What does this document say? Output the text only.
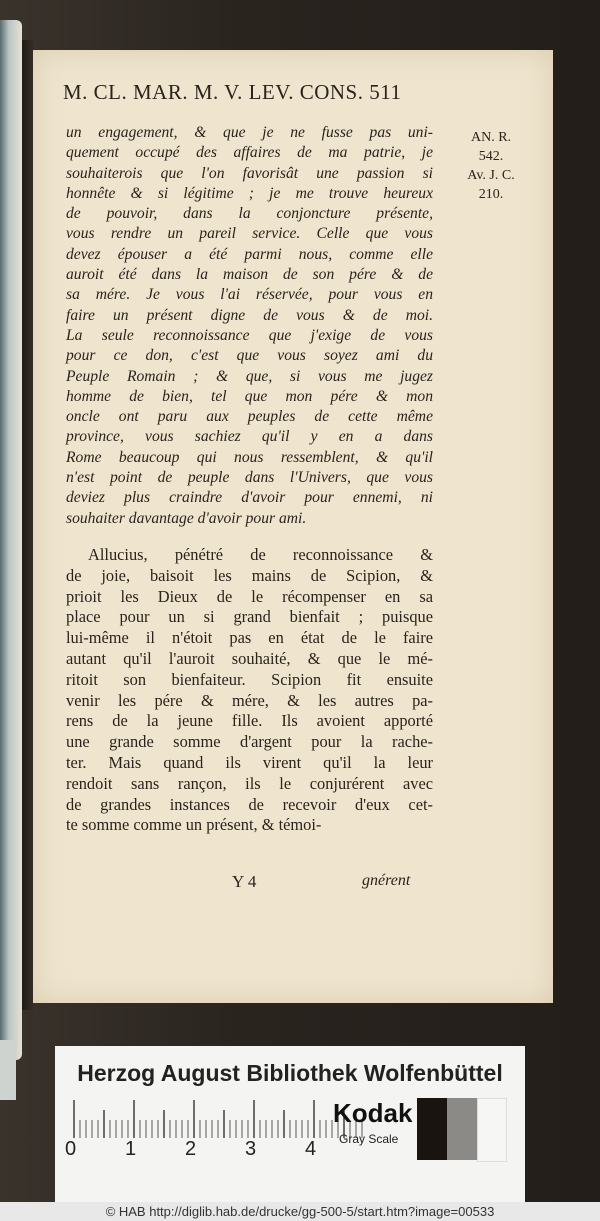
M. CL. MAR. M. V. LEV. CONS. 511
AN. R.
542.
Av. J. C.
210.
un engagement, & que je ne fusse pas uni-
quement occupé des affaires de ma patrie, je
souhaiterois que l'on favorisât une passion si
honnête & si légitime ; je me trouve heureux
de pouvoir, dans la conjoncture présente,
vous rendre un pareil service. Celle que vous
devez épouser a été parmi nous, comme elle
auroit été dans la maison de son pére & de
sa mére. Je vous l'ai réservée, pour vous en
faire un présent digne de vous & de moi.
La seule reconnoissance que j'exige de vous
pour ce don, c'est que vous soyez ami du
Peuple Romain ; & que, si vous me jugez
homme de bien, tel que mon pére & mon
oncle ont paru aux peuples de cette même
province, vous sachiez qu'il y en a dans
Rome beaucoup qui nous ressemblent, & qu'il
n'est point de peuple dans l'Univers, que vous
deviez plus craindre d'avoir pour ennemi, ni
souhaiter davantage d'avoir pour ami.
Allucius, pénétré de reconnoissance &
de joie, baisoit les mains de Scipion, &
prioit les Dieux de le récompenser en sa
place pour un si grand bienfait ; puisque
lui-même il n'étoit pas en état de le faire
autant qu'il l'auroit souhaité, & que le mé-
ritoit son bienfaiteur. Scipion fit ensuite
venir les pére & mére, & les autres pa-
rens de la jeune fille. Ils avoient apporté
une grande somme d'argent pour la rache-
ter. Mais quand ils virent qu'il la leur
rendoit sans rançon, ils le conjurérent avec
de grandes instances de recevoir d'eux cet-
te somme comme un présent, & témoi-
Y 4	gnérent
Herzog August Bibliothek Wolfenbüttel
0 1 2 3 4
Kodak
Gray Scale
© HAB http://diglib.hab.de/drucke/gg-500-5/start.htm?image=00533
